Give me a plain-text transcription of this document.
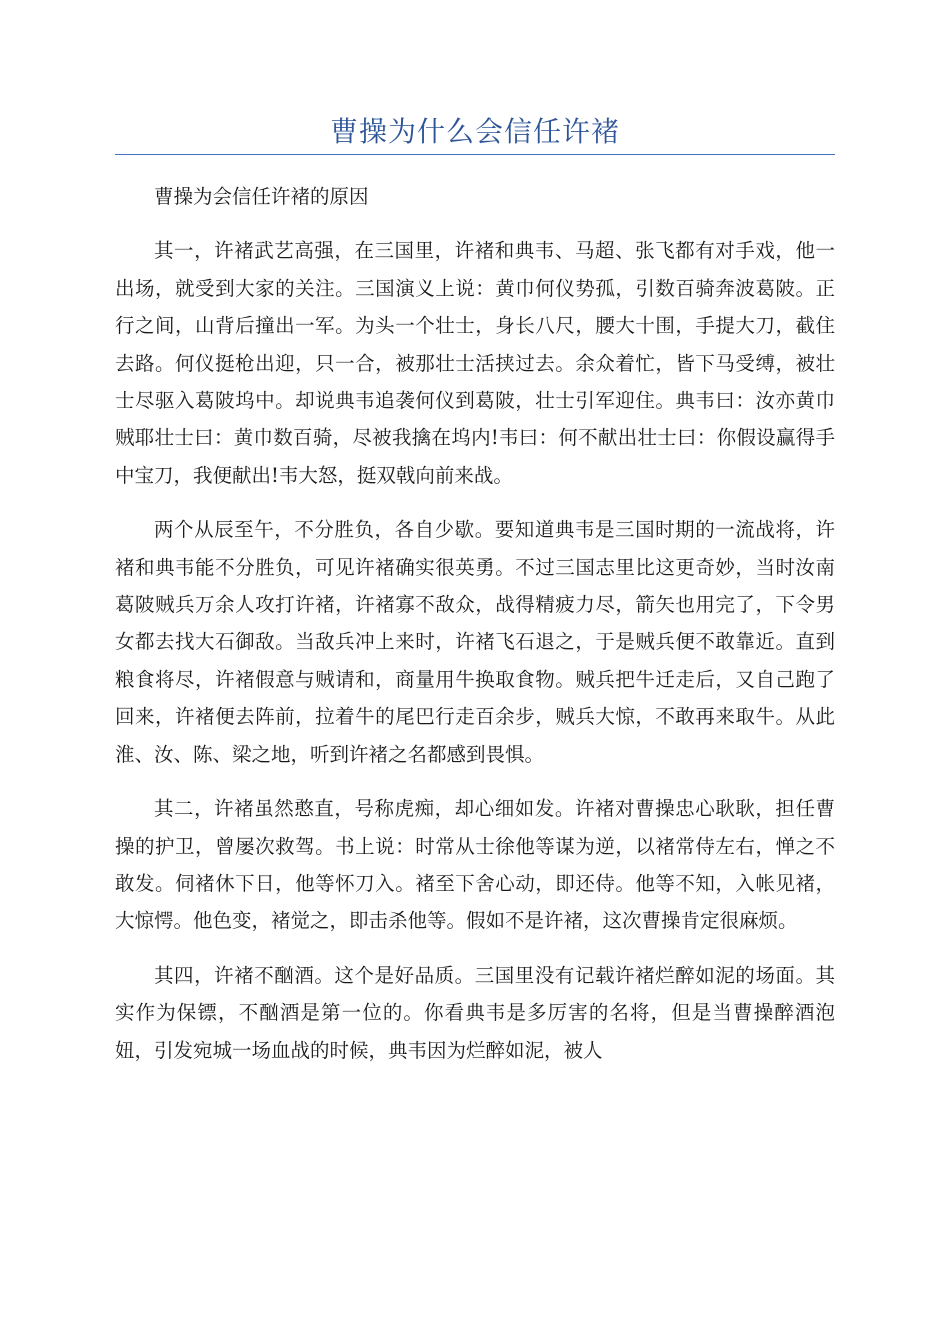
曹操为什么会信任许褚

曹操为会信任许褚的原因

其一，许褚武艺高强，在三国里，许褚和典韦、马超、张飞都有对手戏，他一出场，就受到大家的关注。三国演义上说：黄巾何仪势孤，引数百骑奔波葛陂。正行之间，山背后撞出一军。为头一个壮士，身长八尺，腰大十围，手提大刀，截住去路。何仪挺枪出迎，只一合，被那壮士活挟过去。余众着忙，皆下马受缚，被壮士尽驱入葛陂坞中。却说典韦追袭何仪到葛陂，壮士引军迎住。典韦曰：汝亦黄巾贼耶壮士曰：黄巾数百骑，尽被我擒在坞内!韦曰：何不献出壮士曰：你假设赢得手中宝刀，我便献出!韦大怒，挺双戟向前来战。

两个从辰至午，不分胜负，各自少歇。要知道典韦是三国时期的一流战将，许褚和典韦能不分胜负，可见许褚确实很英勇。不过三国志里比这更奇妙，当时汝南葛陂贼兵万余人攻打许褚，许褚寡不敌众，战得精疲力尽，箭矢也用完了，下令男女都去找大石御敌。当敌兵冲上来时，许褚飞石退之，于是贼兵便不敢靠近。直到粮食将尽，许褚假意与贼请和，商量用牛换取食物。贼兵把牛迁走后，又自己跑了回来，许褚便去阵前，拉着牛的尾巴行走百余步，贼兵大惊，不敢再来取牛。从此淮、汝、陈、梁之地，听到许褚之名都感到畏惧。

其二，许褚虽然憨直，号称虎痴，却心细如发。许褚对曹操忠心耿耿，担任曹操的护卫，曾屡次救驾。书上说：时常从士徐他等谋为逆，以褚常侍左右，惮之不敢发。伺褚休下日，他等怀刀入。褚至下舍心动，即还侍。他等不知，入帐见褚，大惊愕。他色变，褚觉之，即击杀他等。假如不是许褚，这次曹操肯定很麻烦。

其四，许褚不酗酒。这个是好品质。三国里没有记载许褚烂醉如泥的场面。其实作为保镖，不酗酒是第一位的。你看典韦是多厉害的名将，但是当曹操醉酒泡妞，引发宛城一场血战的时候，典韦因为烂醉如泥，被人
